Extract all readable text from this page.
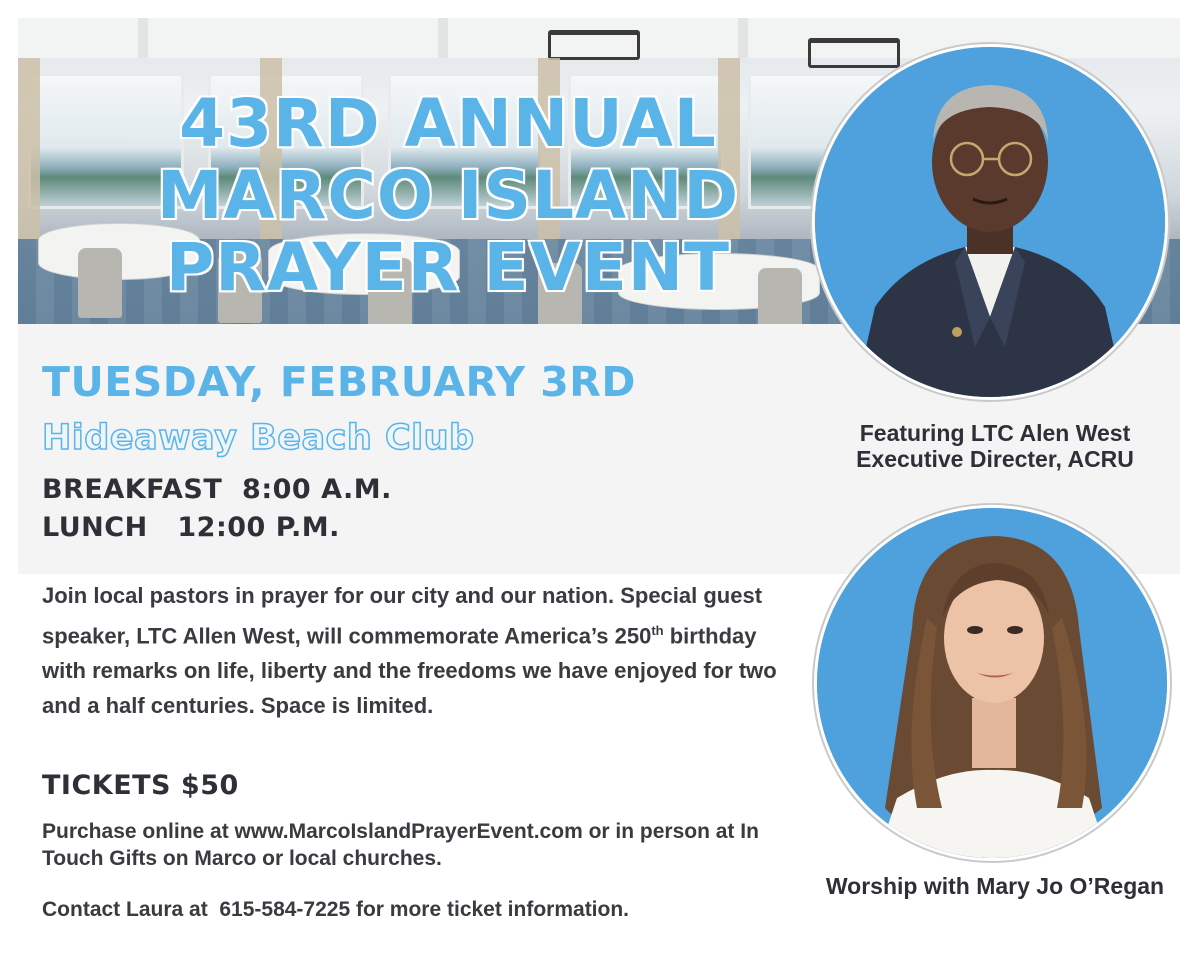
43RD ANNUAL
MARCO ISLAND
PRAYER EVENT

TUESDAY, FEBRUARY 3RD

Hideaway Beach Club

BREAKFAST  8:00 A.M.

LUNCH   12:00 P.M.

Join local pastors in prayer for our city and our nation. Special guest speaker, LTC Allen West, will commemorate America’s 250th birthday with remarks on life, liberty and the freedoms we have enjoyed for two and a half centuries. Space is limited.

TICKETS $50

Purchase online at www.MarcoIslandPrayerEvent.com or in person at In Touch Gifts on Marco or local churches.

Contact Laura at  615-584-7225 for more ticket information.

Featuring LTC Alen West
Executive Directer, ACRU

Worship with Mary Jo O’Regan
